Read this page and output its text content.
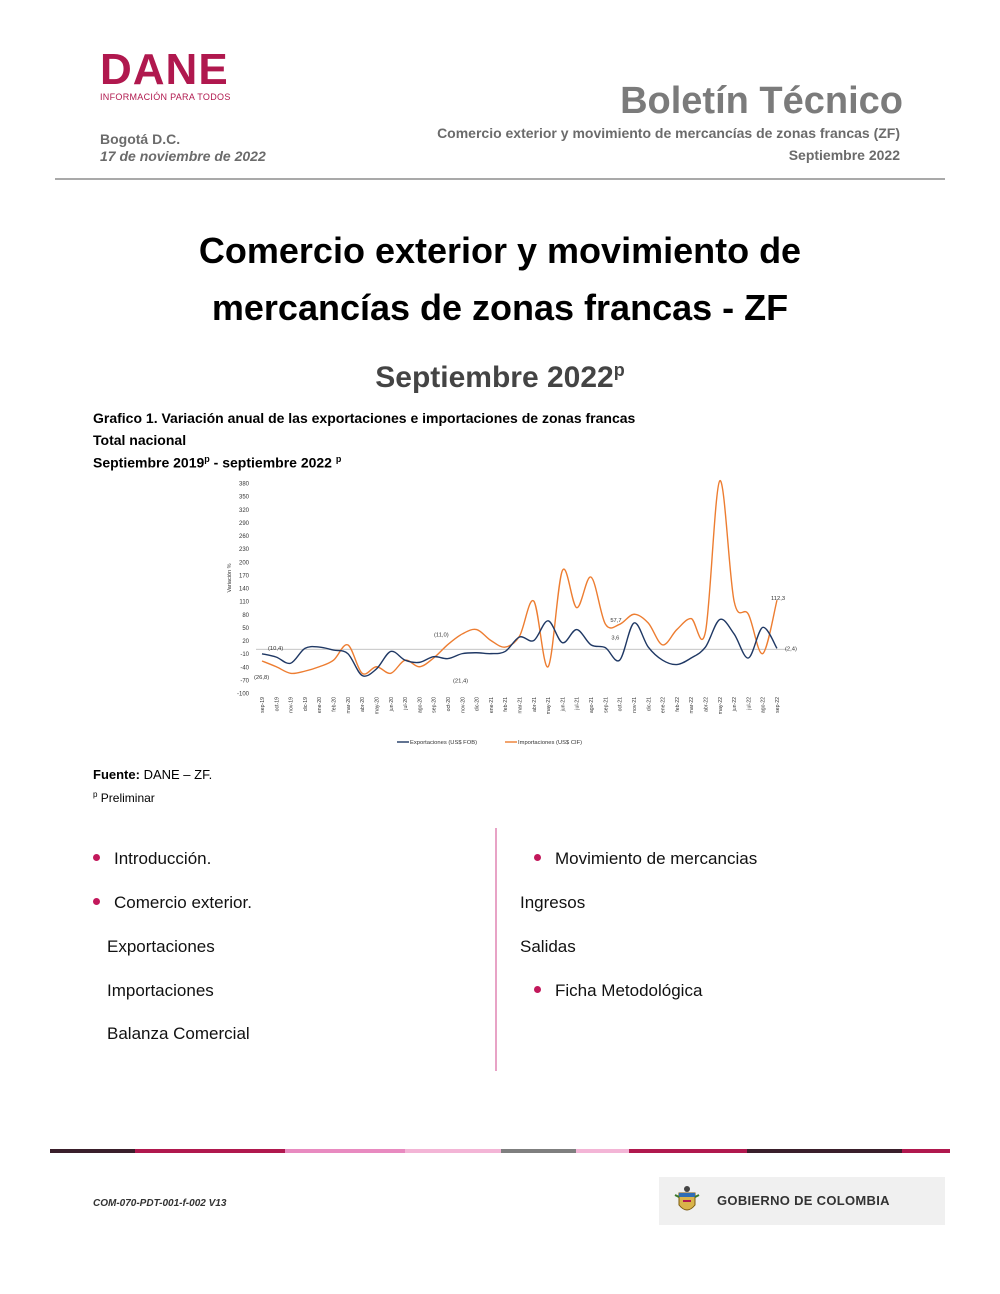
DANE
INFORMACIÓN PARA TODOS	Boletín Técnico
Comercio exterior y movimiento de mercancías de zonas francas (ZF)
Septiembre 2022
Bogotá D.C.
17 de noviembre de 2022
Comercio exterior y movimiento de
mercancías de zonas francas - ZF
Septiembre 2022$^p$
Grafico 1. Variación anual de las exportaciones e importaciones de zonas francas
Total nacional
Septiembre 2019$^p$ - septiembre 2022 $^p$
380
350
320
290
260
230
200
170
140
110
80
50
20
-10
-40
-70
-100
Variación %
sep-19 oct-19 nov-19 dic-19 ene-20 feb-20 mar-20 abr-20 may-20 jun-20 jul-20 ago-20 sep-20 oct-20 nov-20 dic-20 ene-21 feb-21 mar-21 abr-21 may-21 jun-21 jul-21 ago-21 sep-21 oct-21 nov-21 dic-21 ene-22 feb-22 mar-22 abr-22 may-22 jun-22 jul-22 ago-22 sep-22
(10,4)
(26,8)
(11,0)
(21,4)
57,7
3,6
112,3
(2,4)
Exportaciones (US$ FOB)	Importaciones (US$ CIF)
Fuente: DANE – ZF.
$^p$ Preliminar
Introducción.
Comercio exterior.
Exportaciones
Importaciones
Balanza Comercial
Movimiento de mercancias
Ingresos
Salidas
Ficha Metodológica
COM-070-PDT-001-f-002 V13	GOBIERNO DE COLOMBIA
